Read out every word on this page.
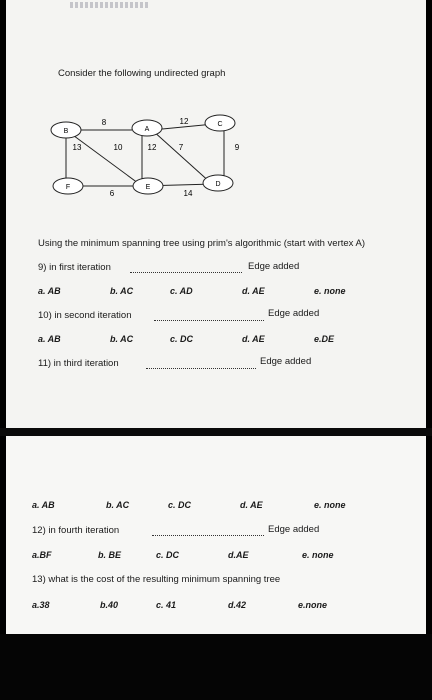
Consider the following undirected graph
B	A
C
F	E	D
8	12
13	10	12	7	9
6	14
Using the minimum spanning tree using prim's algorithmic (start with vertex A)
9) in first iteration	Edge added
a. AB	b. AC	c. AD	d. AE	e. none
10) in second iteration	Edge added
a. AB	b. AC	c. DC	d. AE	e.DE
11) in third iteration	Edge added
a. AB	b. AC	c. DC	d. AE	e. none
12) in fourth iteration	Edge added
a.BF	b. BE	c. DC	d.AE	e. none
13) what is the cost of the resulting minimum spanning tree
a.38	b.40	c. 41	d.42	e.none
